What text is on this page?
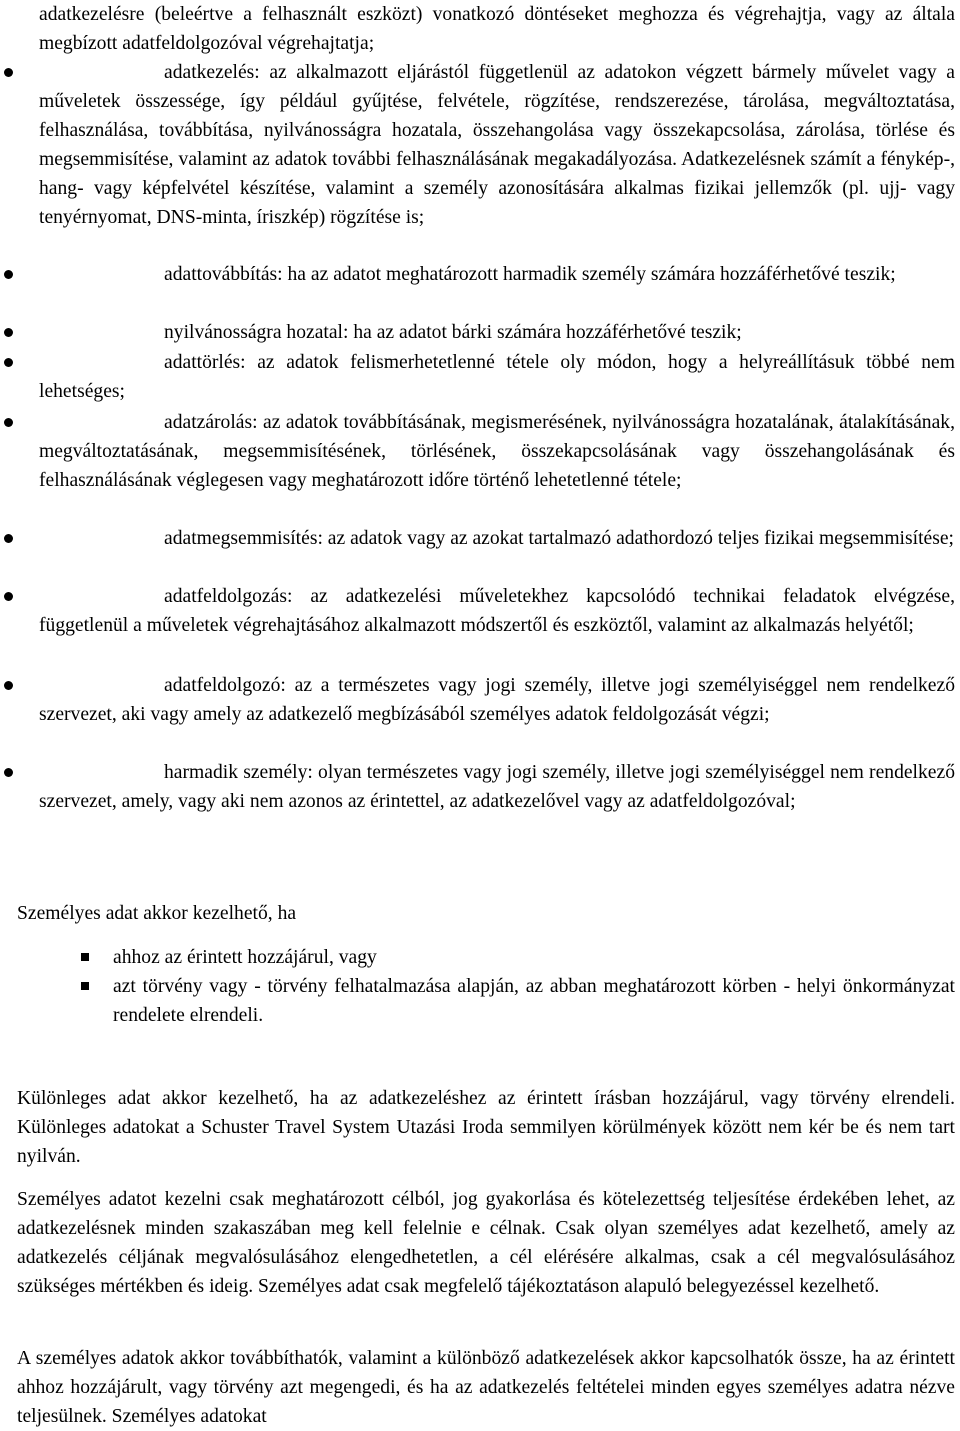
adatkezelésre (beleértve a felhasznált eszközt) vonatkozó döntéseket meghozza és végrehajtja, vagy az általa megbízott adatfeldolgozóval végrehajtatja;
adatkezelés: az alkalmazott eljárástól függetlenül az adatokon végzett bármely művelet vagy a műveletek összessége, így például gyűjtése, felvétele, rögzítése, rendszerezése, tárolása, megváltoztatása, felhasználása, továbbítása, nyilvánosságra hozatala, összehangolása vagy összekapcsolása, zárolása, törlése és megsemmisítése, valamint az adatok további felhasználásának megakadályozása. Adatkezelésnek számít a fénykép-, hang- vagy képfelvétel készítése, valamint a személy azonosítására alkalmas fizikai jellemzők (pl. ujj- vagy tenyérnyomat, DNS-minta, íriszkép) rögzítése is;
adattovábbítás: ha az adatot meghatározott harmadik személy számára hozzáférhetővé teszik;
nyilvánosságra hozatal: ha az adatot bárki számára hozzáférhetővé teszik;
adattörlés: az adatok felismerhetetlenné tétele oly módon, hogy a helyreállításuk többé nem lehetséges;
adatzárolás: az adatok továbbításának, megismerésének, nyilvánosságra hozatalának, átalakításának, megváltoztatásának, megsemmisítésének, törlésének, összekapcsolásának vagy összehangolásának és felhasználásának véglegesen vagy meghatározott időre történő lehetetlenné tétele;
adatmegsemmisítés: az adatok vagy az azokat tartalmazó adathordozó teljes fizikai megsemmisítése;
adatfeldolgozás: az adatkezelési műveletekhez kapcsolódó technikai feladatok elvégzése, függetlenül a műveletek végrehajtásához alkalmazott módszertől és eszköztől, valamint az alkalmazás helyétől;
adatfeldolgozó: az a természetes vagy jogi személy, illetve jogi személyiséggel nem rendelkező szervezet, aki vagy amely az adatkezelő megbízásából személyes adatok feldolgozását végzi;
harmadik személy: olyan természetes vagy jogi személy, illetve jogi személyiséggel nem rendelkező szervezet, amely, vagy aki nem azonos az érintettel, az adatkezelővel vagy az adatfeldolgozóval;
Személyes adat akkor kezelhető, ha
ahhoz az érintett hozzájárul, vagy
azt törvény vagy - törvény felhatalmazása alapján, az abban meghatározott körben - helyi önkormányzat rendelete elrendeli.
Különleges adat akkor kezelhető, ha az adatkezeléshez az érintett írásban hozzájárul, vagy törvény elrendeli. Különleges adatokat a Schuster Travel System Utazási Iroda semmilyen körülmények között nem kér be és nem tart nyilván.
Személyes adatot kezelni csak meghatározott célból, jog gyakorlása és kötelezettség teljesítése érdekében lehet, az adatkezelésnek minden szakaszában meg kell felelnie e célnak. Csak olyan személyes adat kezelhető, amely az adatkezelés céljának megvalósulásához elengedhetetlen, a cél elérésére alkalmas, csak a cél megvalósulásához szükséges mértékben és ideig. Személyes adat csak megfelelő tájékoztatáson alapuló belegyezéssel kezelhető.
A személyes adatok akkor továbbíthatók, valamint a különböző adatkezelések akkor kapcsolhatók össze, ha az érintett ahhoz hozzájárult, vagy törvény azt megengedi, és ha az adatkezelés feltételei minden egyes személyes adatra nézve teljesülnek. Személyes adatokat
